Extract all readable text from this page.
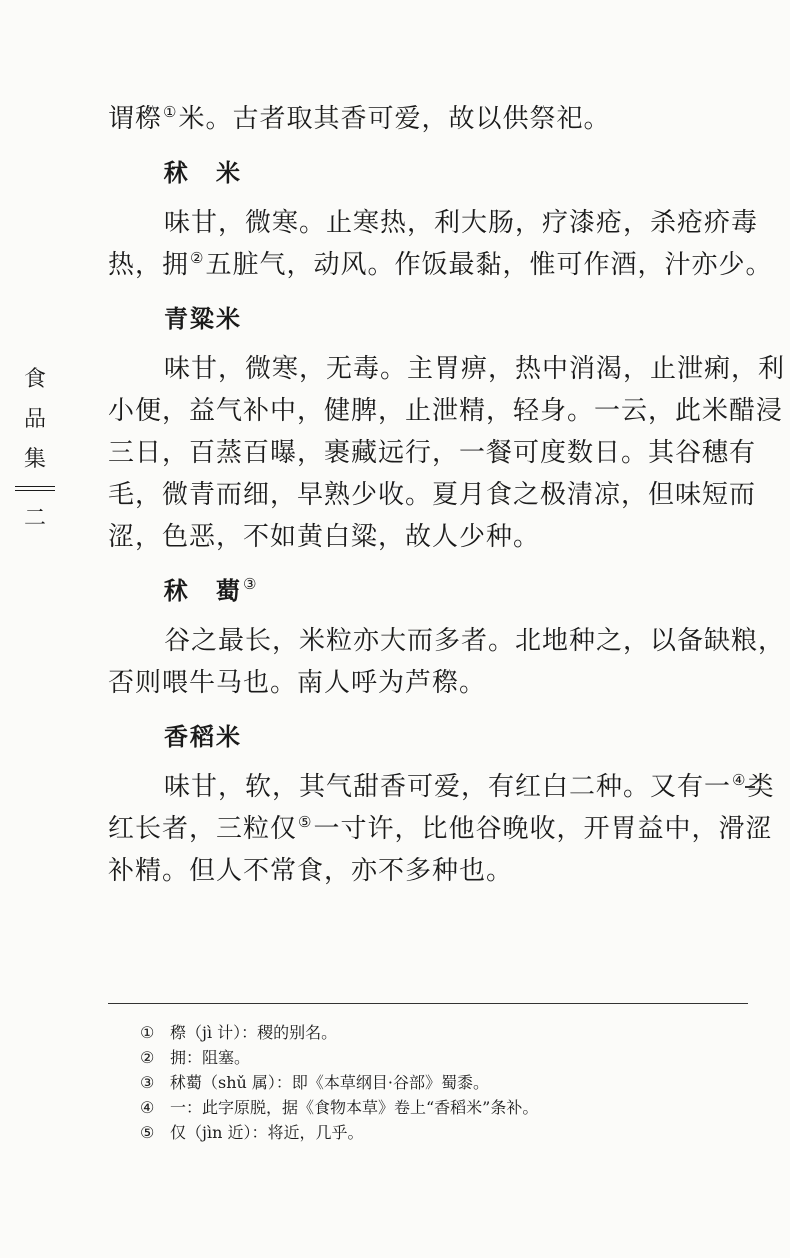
食
品
集
二

谓穄①米。古者取其香可爱，故以供祭祀。

秫 米

味甘，微寒。止寒热，利大肠，疗漆疮，杀疮疥毒
热，拥②五脏气，动风。作饭最黏，惟可作酒，汁亦少。

青粱米

味甘，微寒，无毒。主胃痹，热中消渴，止泄痢，利
小便，益气补中，健脾，止泄精，轻身。一云，此米醋浸
三日，百蒸百曝，裹藏远行，一餐可度数日。其谷穗有
毛，微青而细，早熟少收。夏月食之极清凉，但味短而
涩，色恶，不如黄白粱，故人少种。

秫 薥③

谷之最长，米粒亦大而多者。北地种之，以备缺粮，
否则喂牛马也。南人呼为芦穄。

香稻米

味甘，软，其气甜香可爱，有红白二种。又有一④类
红长者，三粒仅⑤一寸许，比他谷晚收，开胃益中，滑涩
补精。但人不常食，亦不多种也。

① 穄（jì 计）：稷的别名。
② 拥：阻塞。
③ 秫薥（shǔ 属）：即《本草纲目·谷部》蜀黍。
④ 一：此字原脱，据《食物本草》卷上“香稻米”条补。
⑤ 仅（jìn 近）：将近，几乎。
